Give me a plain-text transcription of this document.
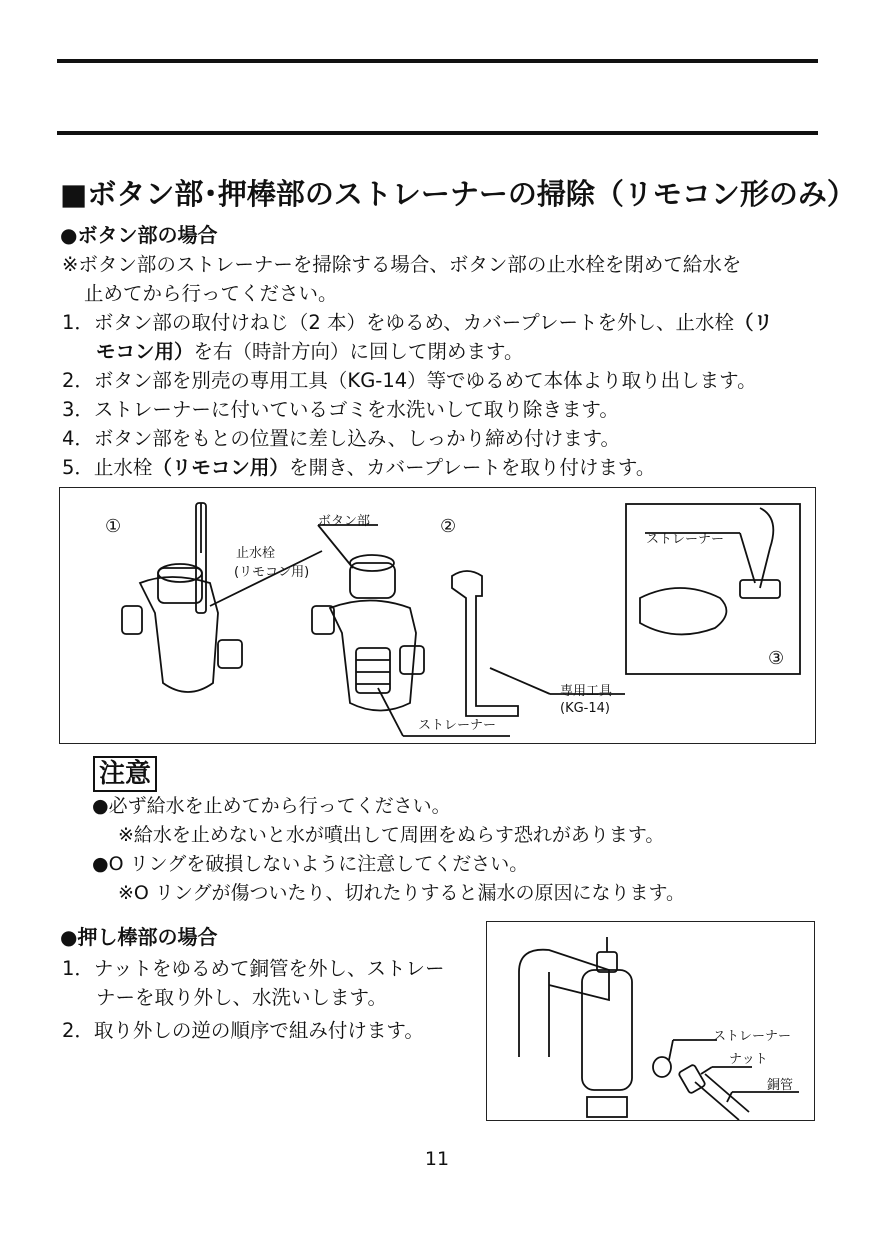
■ボタン部･押棒部のストレーナーの掃除（リモコン形のみ）
●ボタン部の場合
※ボタン部のストレーナーを掃除する場合、ボタン部の止水栓を閉めて給水を
止めてから行ってください。
1．ボタン部の取付けねじ（2 本）をゆるめ、カバープレートを外し、止水栓（リ
モコン用）を右（時計方向）に回して閉めます。
2．ボタン部を別売の専用工具（KG-14）等でゆるめて本体より取り出します。
3．ストレーナーに付いているゴミを水洗いして取り除きます。
4．ボタン部をもとの位置に差し込み、しっかり締め付けます。
5．止水栓（リモコン用）を開き、カバープレートを取り付けます。
①	②
③
止水栓
(リモコン用)
ボタン部
ストレーナー
ストレーナー
専用工具
(KG-14)
注意
●必ず給水を止めてから行ってください。
※給水を止めないと水が噴出して周囲をぬらす恐れがあります。
●O リングを破損しないように注意してください。
※O リングが傷ついたり、切れたりすると漏水の原因になります。
●押し棒部の場合
1．ナットをゆるめて銅管を外し、ストレー
ナーを取り外し、水洗いします。
2．取り外しの逆の順序で組み付けます。	ストレーナー
ナット
銅管
11
